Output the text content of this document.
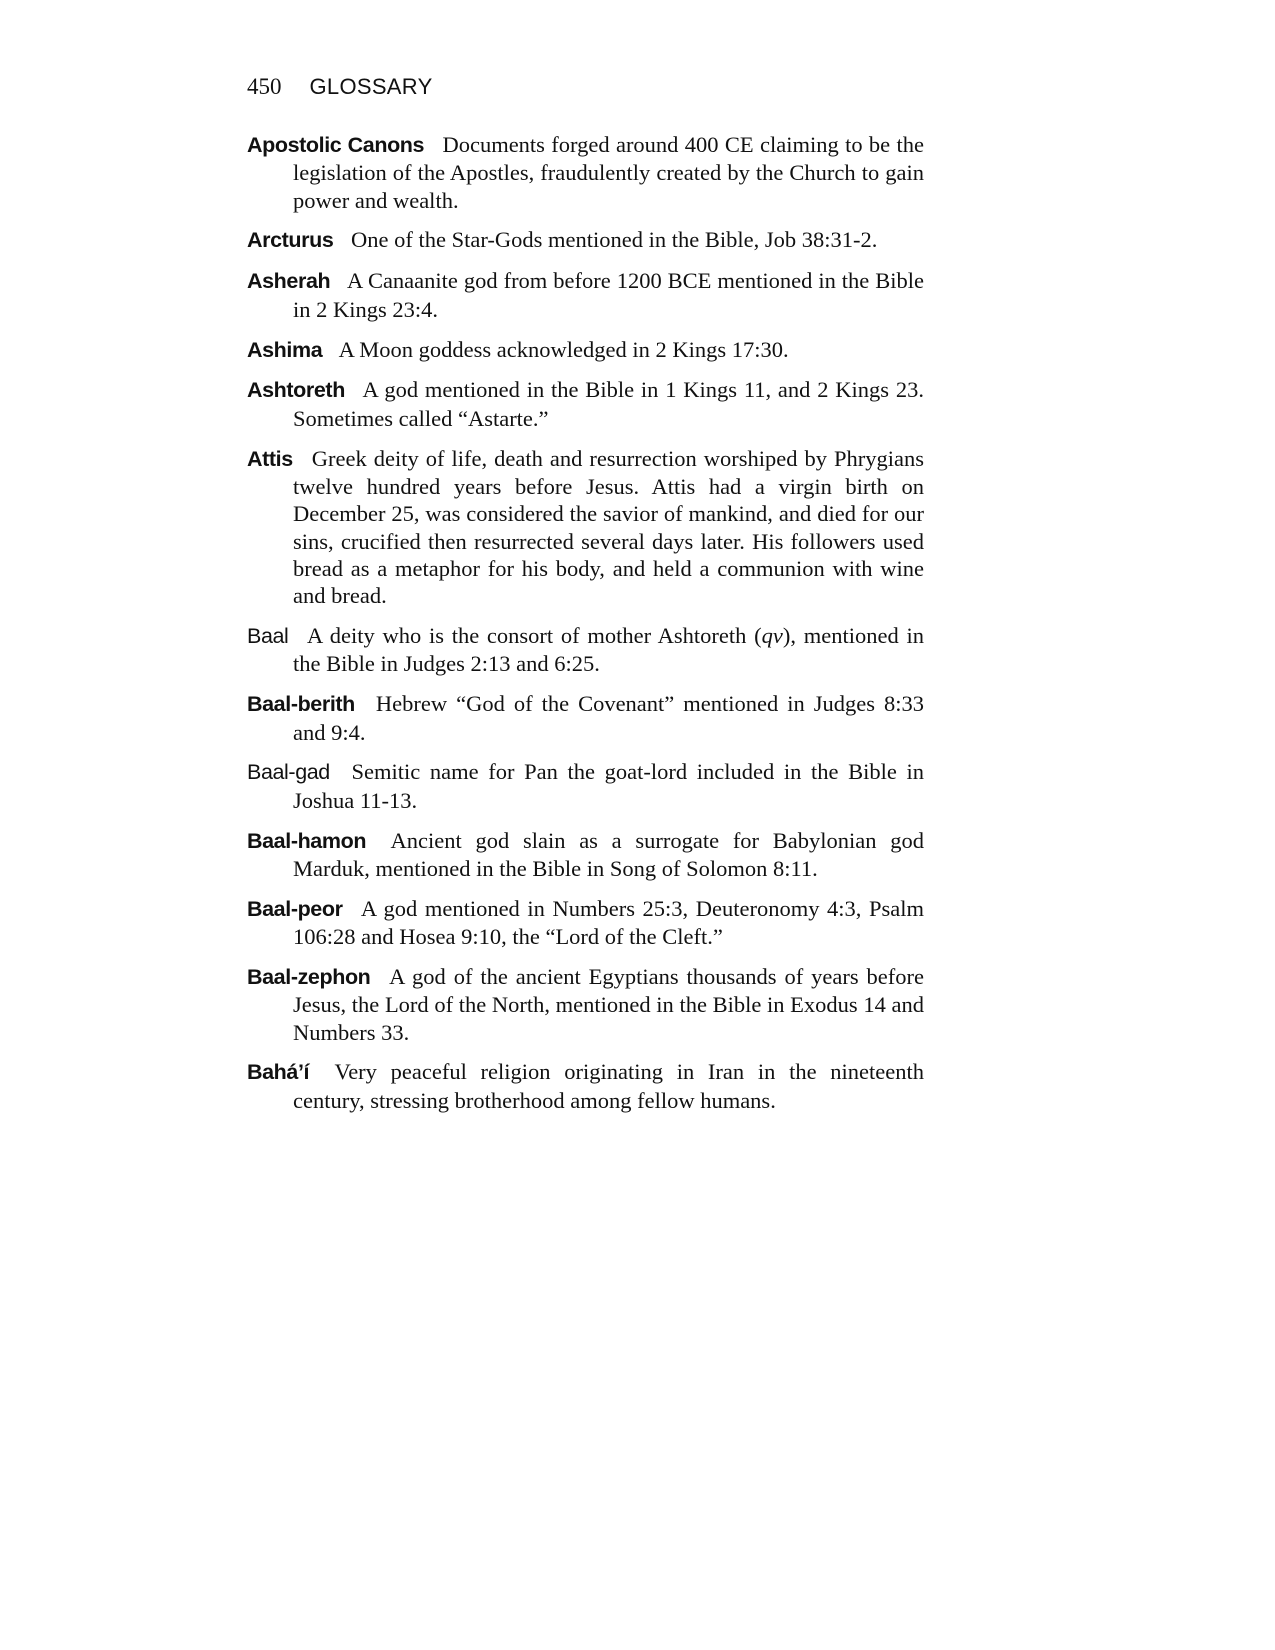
450 GLOSSARY

Apostolic Canons Documents forged around 400 CE claiming to be the legislation of the Apostles, fraudulently created by the Church to gain power and wealth.

Arcturus One of the Star-Gods mentioned in the Bible, Job 38:31-2.

Asherah A Canaanite god from before 1200 BCE mentioned in the Bible in 2 Kings 23:4.

Ashima A Moon goddess acknowledged in 2 Kings 17:30.

Ashtoreth A god mentioned in the Bible in 1 Kings 11, and 2 Kings 23. Sometimes called “Astarte.”

Attis Greek deity of life, death and resurrection worshiped by Phrygians twelve hundred years before Jesus. Attis had a virgin birth on December 25, was considered the savior of mankind, and died for our sins, crucified then resurrected several days later. His followers used bread as a metaphor for his body, and held a communion with wine and bread.

Baal A deity who is the consort of mother Ashtoreth (qv), mentioned in the Bible in Judges 2:13 and 6:25.

Baal-berith Hebrew “God of the Covenant” mentioned in Judges 8:33 and 9:4.

Baal-gad Semitic name for Pan the goat-lord included in the Bible in Joshua 11-13.

Baal-hamon Ancient god slain as a surrogate for Babylonian god Marduk, mentioned in the Bible in Song of Solomon 8:11.

Baal-peor A god mentioned in Numbers 25:3, Deuteronomy 4:3, Psalm 106:28 and Hosea 9:10, the “Lord of the Cleft.”

Baal-zephon A god of the ancient Egyptians thousands of years before Jesus, the Lord of the North, mentioned in the Bible in Exodus 14 and Numbers 33.

Bahá’í Very peaceful religion originating in Iran in the nineteenth century, stressing brotherhood among fellow humans.
